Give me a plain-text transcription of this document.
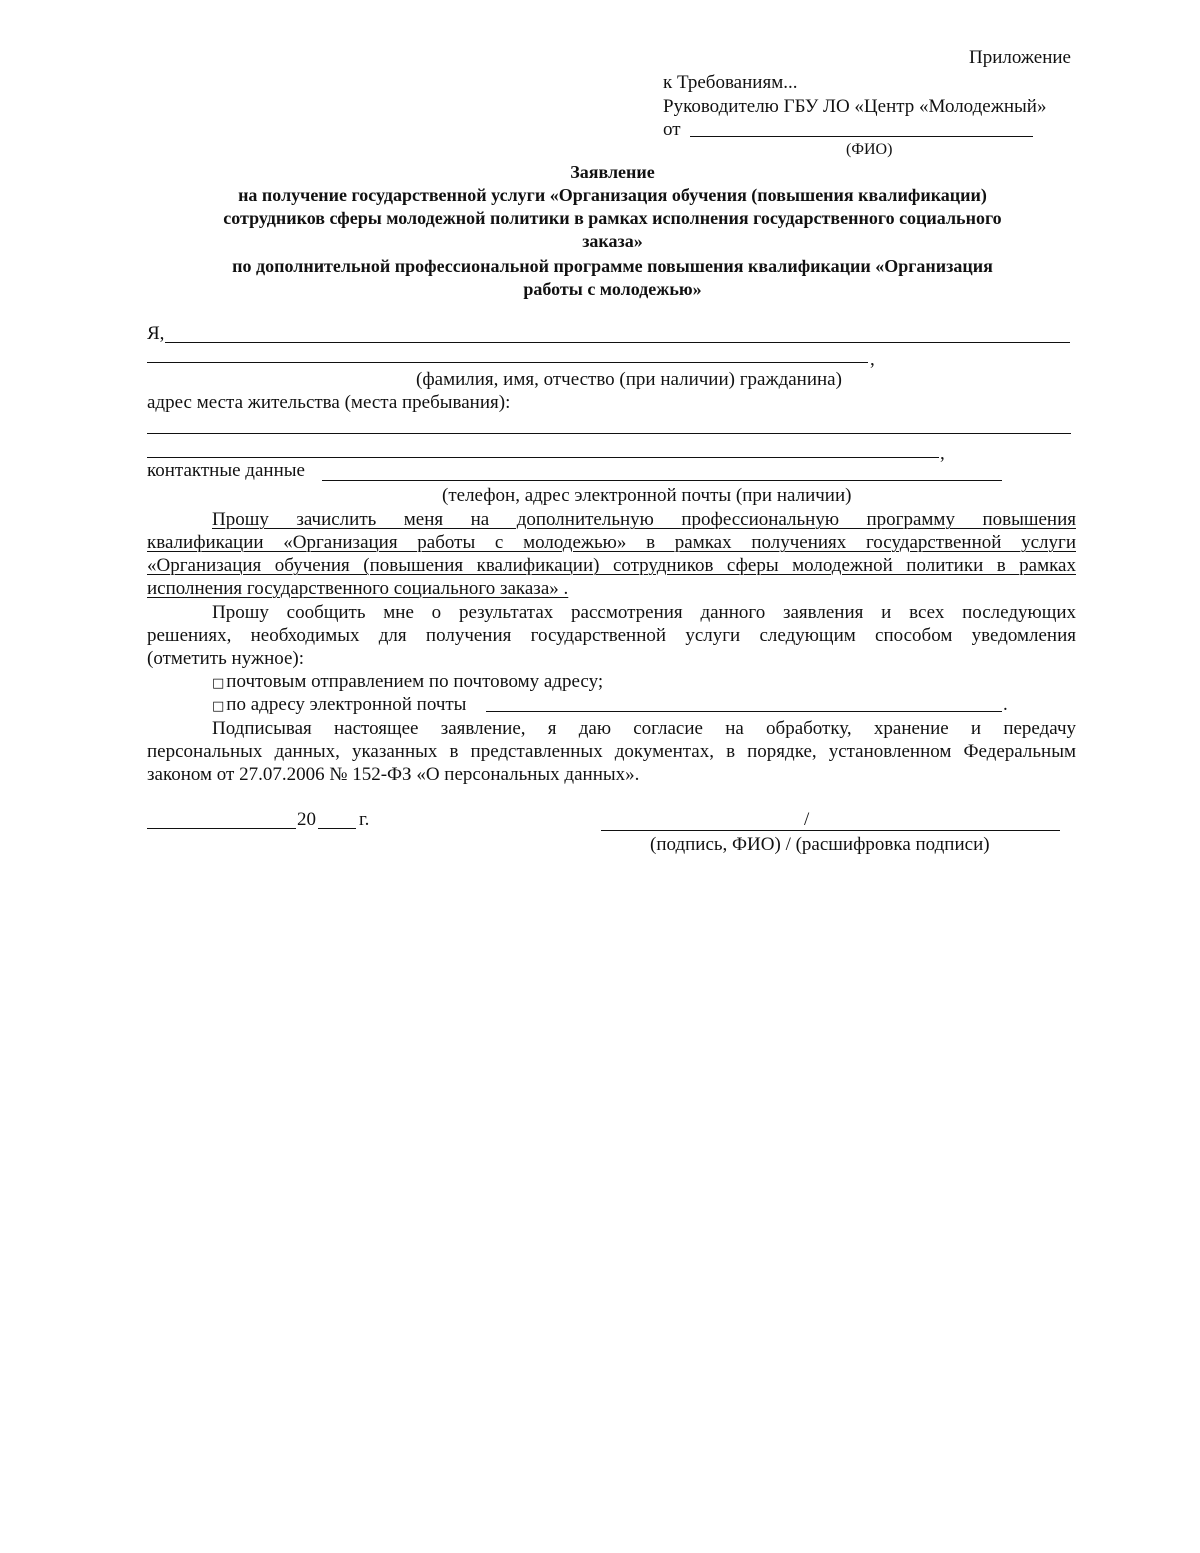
Приложение
к Требованиям...
Руководителю ГБУ ЛО «Центр «Молодежный»
от
(ФИО)
Заявление
на получение государственной услуги «Организация обучения (повышения квалификации)
сотрудников сферы молодежной политики в рамках исполнения государственного социального
заказа»
по дополнительной профессиональной программе повышения квалификации «Организация
работы с молодежью»
Я,
,
(фамилия, имя, отчество (при наличии) гражданина)
адрес места жительства (места пребывания):
,
контактные данные
(телефон, адрес электронной почты (при наличии)
Прошу зачислить меня на дополнительную профессиональную программу повышения
квалификации «Организация работы с молодежью» в рамках получениях государственной услуги
«Организация обучения (повышения квалификации) сотрудников сферы молодежной политики в рамках
исполнения государственного социального заказа» .
Прошу сообщить мне о результатах рассмотрения данного заявления и всех последующих
решениях, необходимых для получения государственной услуги следующим способом уведомления
(отметить нужное):
□ почтовым отправлением по почтовому адресу;
□ по адресу электронной почты	.
Подписывая настоящее заявление, я даю согласие на обработку, хранение и передачу
персональных данных, указанных в представленных документах, в порядке, установленном Федеральным
законом от 27.07.2006 № 152-ФЗ «О персональных данных».
20 г.	/
(подпись, ФИО) / (расшифровка подписи)
